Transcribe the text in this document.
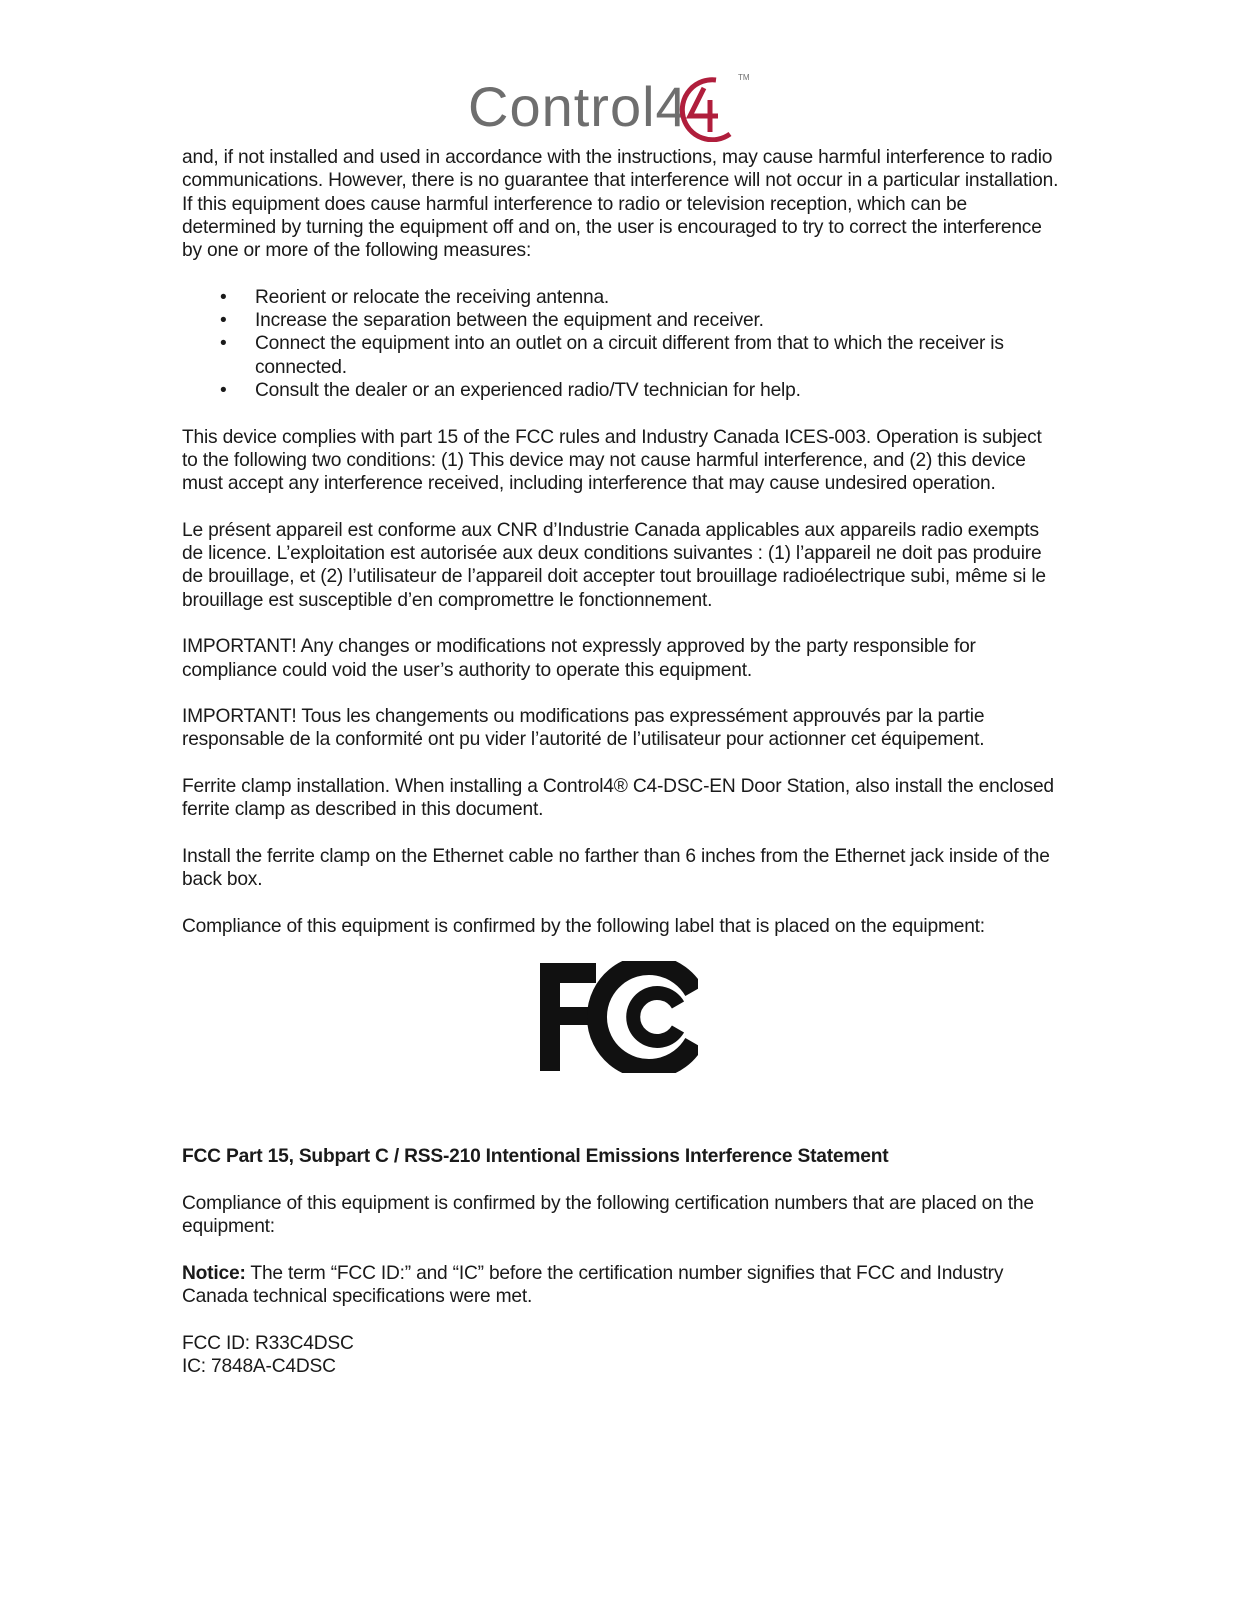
Control4	TM

and, if not installed and used in accordance with the instructions, may cause harmful interference to radio communications. However, there is no guarantee that interference will not occur in a particular installation. If this equipment does cause harmful interference to radio or television reception, which can be determined by turning the equipment off and on, the user is encouraged to try to correct the interference by one or more of the following measures:

• Reorient or relocate the receiving antenna.
• Increase the separation between the equipment and receiver.
• Connect the equipment into an outlet on a circuit different from that to which the receiver is connected.
• Consult the dealer or an experienced radio/TV technician for help.

This device complies with part 15 of the FCC rules and Industry Canada ICES-003. Operation is subject to the following two conditions: (1) This device may not cause harmful interference, and (2) this device must accept any interference received, including interference that may cause undesired operation.

Le présent appareil est conforme aux CNR d’Industrie Canada applicables aux appareils radio exempts de licence. L’exploitation est autorisée aux deux conditions suivantes : (1) l’appareil ne doit pas produire de brouillage, et (2) l’utilisateur de l’appareil doit accepter tout brouillage radioélectrique subi, même si le brouillage est susceptible d’en compromettre le fonctionnement.

IMPORTANT! Any changes or modifications not expressly approved by the party responsible for compliance could void the user’s authority to operate this equipment.

IMPORTANT! Tous les changements ou modifications pas expressément approuvés par la partie responsable de la conformité ont pu vider l’autorité de l’utilisateur pour actionner cet équipement.

Ferrite clamp installation. When installing a Control4® C4-DSC-EN Door Station, also install the enclosed ferrite clamp as described in this document.

Install the ferrite clamp on the Ethernet cable no farther than 6 inches from the Ethernet jack inside of the back box.

Compliance of this equipment is confirmed by the following label that is placed on the equipment:

FCC Part 15, Subpart C / RSS-210 Intentional Emissions Interference Statement

Compliance of this equipment is confirmed by the following certification numbers that are placed on the equipment:

Notice: The term “FCC ID:” and “IC” before the certification number signifies that FCC and Industry Canada technical specifications were met.

FCC ID: R33C4DSC

IC: 7848A-C4DSC
